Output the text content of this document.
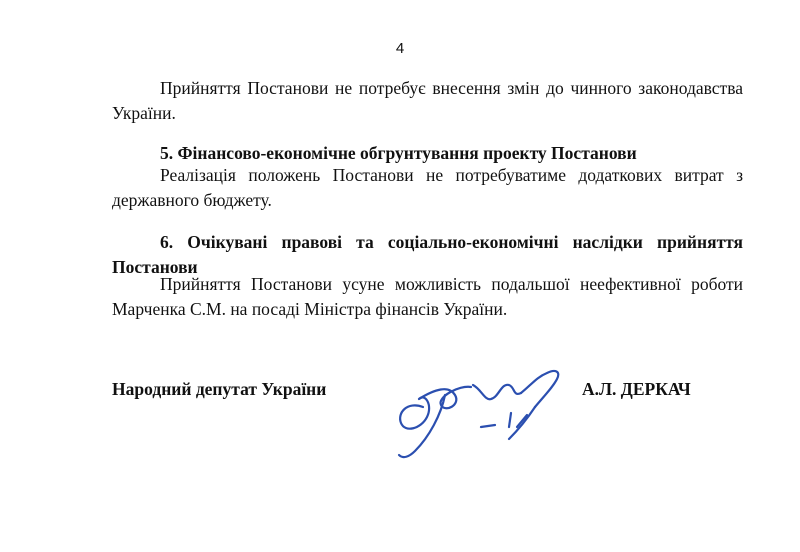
4

Прийняття Постанови не потребує внесення змін до чинного законодавства України.

5. Фінансово-економічне обгрунтування проекту Постанови

Реалізація положень Постанови не потребуватиме додаткових витрат з державного бюджету.

6. Очікувані правові та соціально-економічні наслідки прийняття Постанови

Прийняття Постанови усуне можливість подальшої неефективної роботи Марченка С.М. на посаді Міністра фінансів України.

Народний депутат України	А.Л. ДЕРКАЧ
